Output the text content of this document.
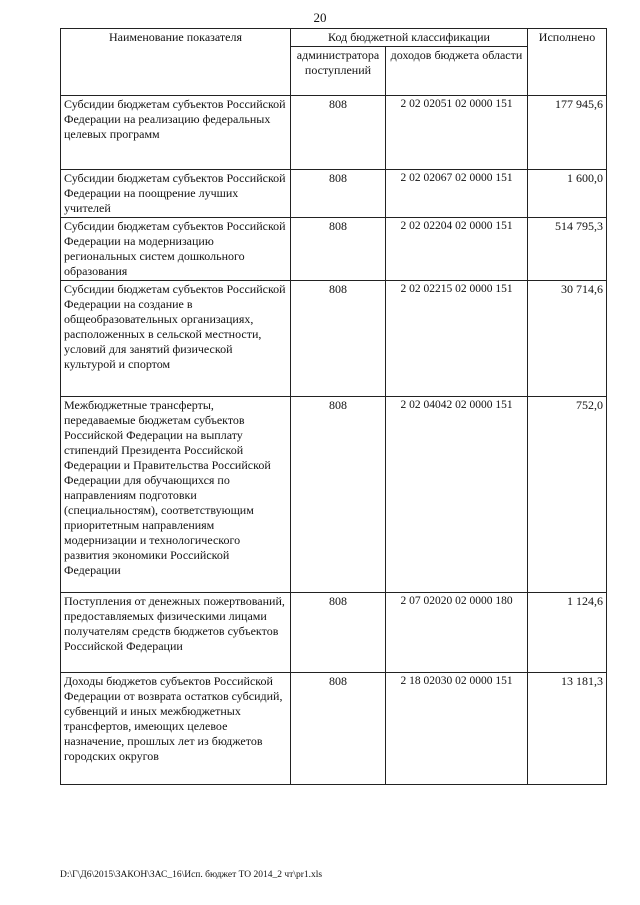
20
Наименование показателя	Код бюджетной классификации		Исполнено
	администратора поступлений	доходов бюджета области	
Субсидии бюджетам субъектов Российской Федерации на реализацию федеральных целевых программ	808	2 02 02051 02 0000 151	177 945,6
Субсидии бюджетам субъектов Российской Федерации на поощрение лучших учителей	808	2 02 02067 02 0000 151	1 600,0
Субсидии бюджетам субъектов Российской Федерации на модернизацию региональных систем дошкольного образования	808	2 02 02204 02 0000 151	514 795,3
Субсидии бюджетам субъектов Российской Федерации на создание в общеобразовательных организациях, расположенных в сельской местности, условий для занятий физической культурой и спортом	808	2 02 02215 02 0000 151	30 714,6
Межбюджетные трансферты, передаваемые бюджетам субъектов Российской Федерации на выплату стипендий Президента Российской Федерации и Правительства Российской Федерации для обучающихся по направлениям подготовки (специальностям), соответствующим приоритетным направлениям модернизации и технологического развития экономики Российской Федерации	808	2 02 04042 02 0000 151	752,0
Поступления от денежных пожертвований, предоставляемых физическими лицами получателям средств бюджетов субъектов Российской Федерации	808	2 07 02020 02 0000 180	1 124,6
Доходы бюджетов субъектов Российской Федерации от возврата остатков субсидий, субвенций и иных межбюджетных трансфертов, имеющих целевое назначение, прошлых лет из бюджетов городских округов	808	2 18 02030 02 0000 151	13 181,3
D:\Г\Д6\2015\ЗАКОН\ЗАС_16\Исп. бюджет ТО 2014_2 чт\pr1.xls
